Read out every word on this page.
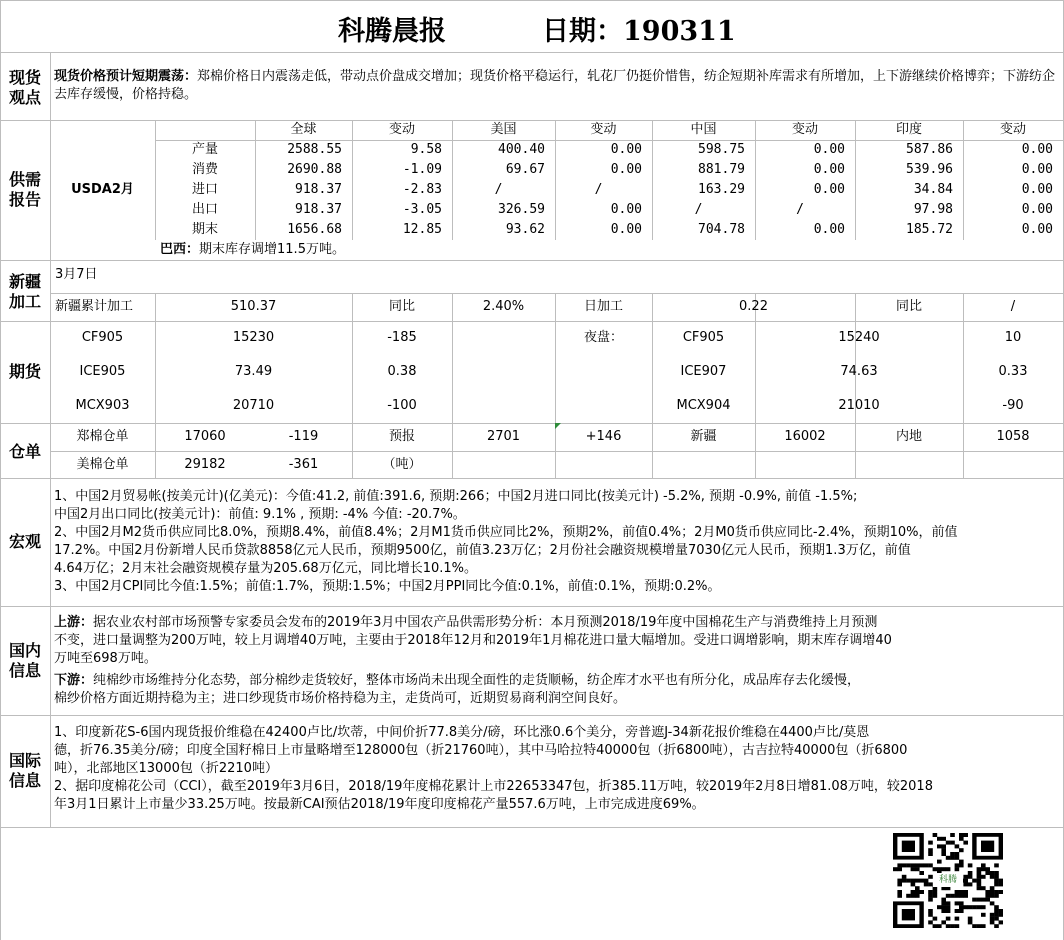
科腾晨报	日期：190311
现货观点
现货价格预计短期震荡：郑棉价格日内震荡走低，带动点价盘成交增加；现货价格平稳运行，轧花厂仍挺价惜售，纺企短期补库需求有所增加，上下游继续价格博弈；下游纺企去库存缓慢，价格持稳。
供需报告
USDA2月
全球	变动	美国	变动	中国	变动	印度	变动
产量	2588.55	9.58	400.40	0.00	598.75	0.00	587.86	0.00
消费	2690.88	-1.09	69.67	0.00	881.79	0.00	539.96	0.00
进口	918.37	-2.83	/	/	163.29	0.00	34.84	0.00
出口	918.37	-3.05	326.59	0.00	/	/	97.98	0.00
期末	1656.68	12.85	93.62	0.00	704.78	0.00	185.72	0.00
巴西：期末库存调增11.5万吨。
新疆加工
3月7日
新疆累计加工	510.37	同比	2.40%	日加工	0.22	同比	/
期货
夜盘：
CF905	15230	-185
ICE905	73.49	0.38
MCX903	20710	-100
CF905	15240	10
ICE907	74.63	0.33
MCX904	21010	-90
仓单
郑棉仓单	17060	-119	预报	2701	+146	新疆	16002	内地	1058
美棉仓单	29182	-361	（吨）
宏观
1、中国2月贸易帐(按美元计)(亿美元)：今值:41.2, 前值:391.6, 预期:266；中国2月进口同比(按美元计) -5.2%, 预期 -0.9%, 前值 -1.5%;
中国2月出口同比(按美元计)：前值: 9.1% , 预期: -4% 今值: -20.7%。
2、中国2月M2货币供应同比8.0%，预期8.4%，前值8.4%；2月M1货币供应同比2%，预期2%，前值0.4%；2月M0货币供应同比-2.4%，预期10%，前值
17.2%。中国2月份新增人民币贷款8858亿元人民币，预期9500亿，前值3.23万亿；2月份社会融资规模增量7030亿元人民币，预期1.3万亿，前值
4.64万亿；2月末社会融资规模存量为205.68万亿元，同比增长10.1%。
3、中国2月CPI同比今值:1.5%；前值:1.7%，预期:1.5%；中国2月PPI同比今值:0.1%，前值:0.1%，预期:0.2%。
国内信息
上游：据农业农村部市场预警专家委员会发布的2019年3月中国农产品供需形势分析：本月预测2018/19年度中国棉花生产与消费维持上月预测
不变，进口量调整为200万吨，较上月调增40万吨，主要由于2018年12月和2019年1月棉花进口量大幅增加。受进口调增影响，期末库存调增40
万吨至698万吨。
下游：纯棉纱市场维持分化态势，部分棉纱走货较好，整体市场尚未出现全面性的走货顺畅，纺企库才水平也有所分化，成品库存去化缓慢，
棉纱价格方面近期持稳为主；进口纱现货市场价格持稳为主，走货尚可，近期贸易商利润空间良好。
国际信息
1、印度新花S-6国内现货报价维稳在42400卢比/坎蒂，中间价折77.8美分/磅，环比涨0.6个美分，旁普遮J-34新花报价维稳在4400卢比/莫恩
德，折76.35美分/磅；印度全国籽棉日上市量略增至128000包（折21760吨），其中马哈拉特40000包（折6800吨），古吉拉特40000包（折6800
吨），北部地区13000包（折2210吨）
2、据印度棉花公司（CCI），截至2019年3月6日，2018/19年度棉花累计上市22653347包，折385.11万吨，较2019年2月8日增81.08万吨，较2018
年3月1日累计上市量少33.25万吨。按最新CAI预估2018/19年度印度棉花产量557.6万吨，上市完成进度69%。
科腾
